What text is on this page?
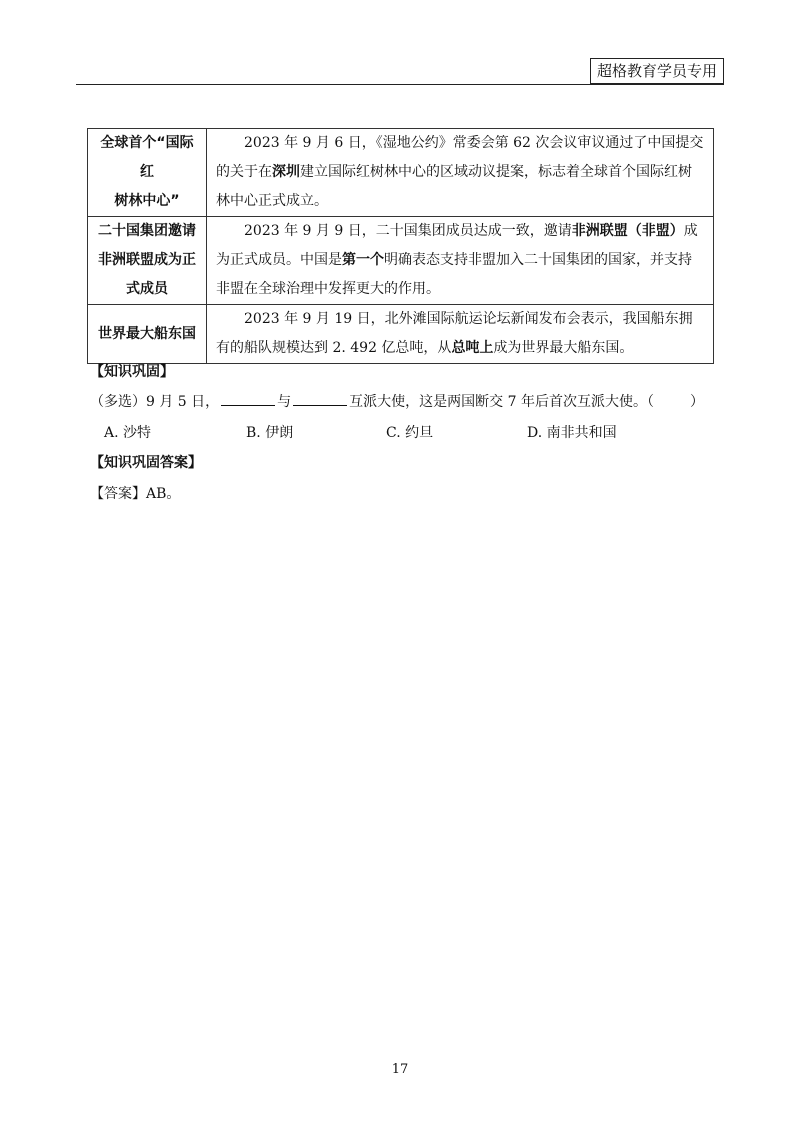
超格教育学员专用
全球首个“国际红
树林中心”	2023 年 9 月 6 日，《湿地公约》常委会第 62 次会议审议通过了中国提交的关于在深圳建立国际红树林中心的区域动议提案，标志着全球首个国际红树林中心正式成立。

二十国集团邀请
非洲联盟成为正
式成员	2023 年 9 月 9 日，二十国集团成员达成一致，邀请非洲联盟（非盟）成为正式成员。中国是第一个明确表态支持非盟加入二十国集团的国家，并支持非盟在全球治理中发挥更大的作用。

世界最大船东国	2023 年 9 月 19 日，北外滩国际航运论坛新闻发布会表示，我国船东拥有的船队规模达到 2. 492 亿总吨，从总吨上成为世界最大船东国。
【知识巩固】
（多选）9 月 5 日，	与	互派大使，这是两国断交 7 年后首次互派大使。（	）
A. 沙特	B. 伊朗	C. 约旦	D. 南非共和国
【知识巩固答案】
【答案】AB。
17
